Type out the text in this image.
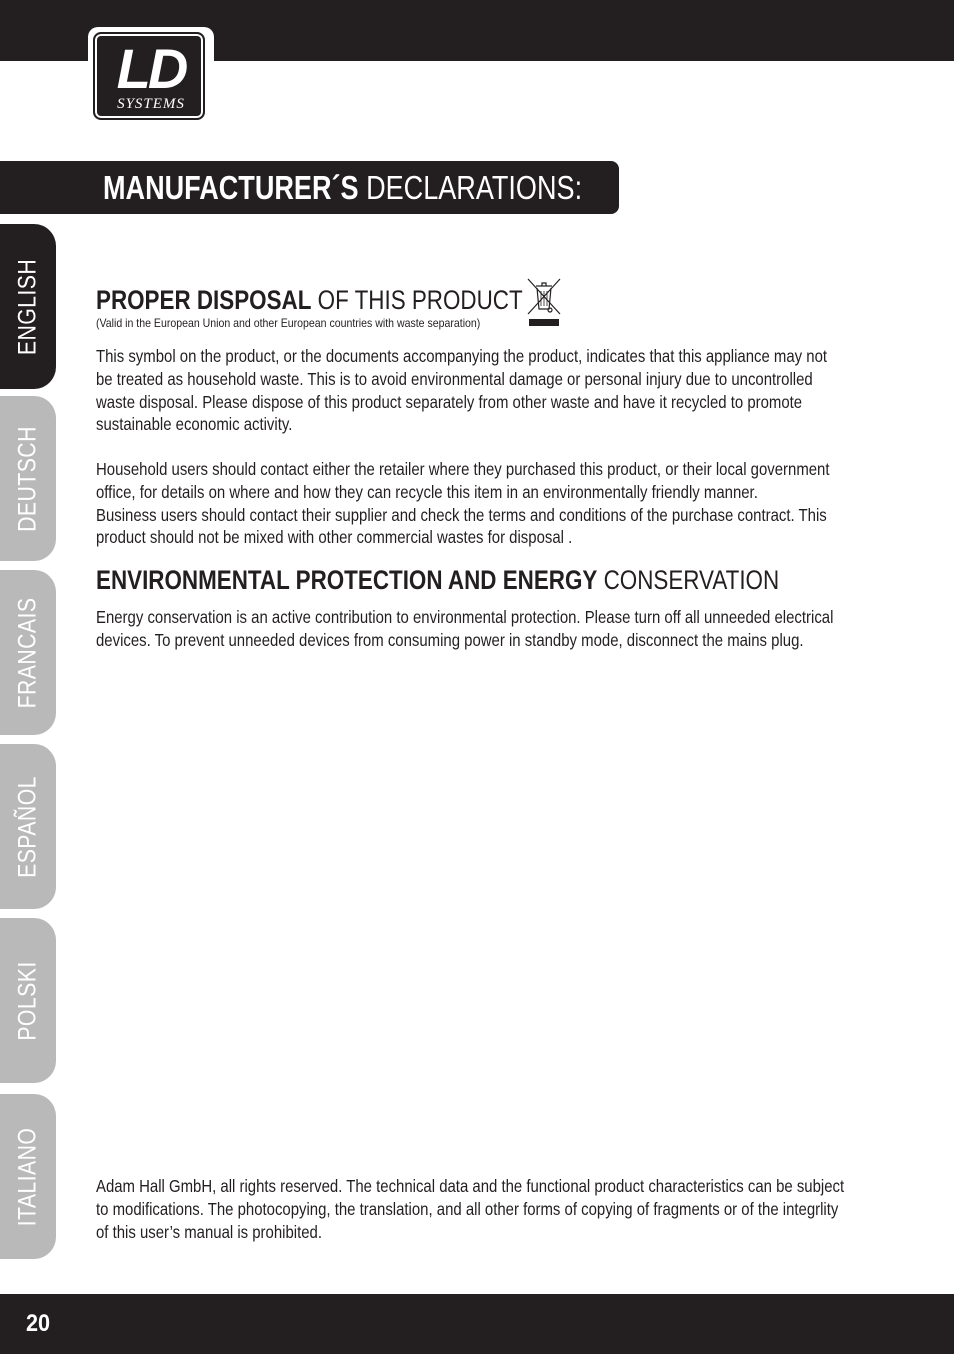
LD
SYSTEMS
MANUFACTURER´S DECLARATIONS:
ENGLISH
DEUTSCH
FRANCAIS
ESPAÑOL
POLSKI
ITALIANO
PROPER DISPOSAL OF THIS PRODUCT
(Valid in the European Union and other European countries with waste separation)

This symbol on the product, or the documents accompanying the product, indicates that this appliance may not

be treated as household waste. This is to avoid environmental damage or personal injury due to uncontrolled

waste disposal. Please dispose of this product separately from other waste and have it recycled to promote

sustainable economic activity.

Household users should contact either the retailer where they purchased this product, or their local government

office, for details on where and how they can recycle this item in an environmentally friendly manner.

Business users should contact their supplier and check the terms and conditions of the purchase contract. This

product should not be mixed with other commercial wastes for disposal .

ENVIRONMENTAL PROTECTION AND ENERGY CONSERVATION

Energy conservation is an active contribution to environmental protection. Please turn off all unneeded electrical

devices. To prevent unneeded devices from consuming power in standby mode, disconnect the mains plug.

Adam Hall GmbH, all rights reserved. The technical data and the functional product characteristics can be subject

to modifications. The photocopying, the translation, and all other forms of copying of fragments or of the integrlity

of this user’s manual is prohibited.

20
